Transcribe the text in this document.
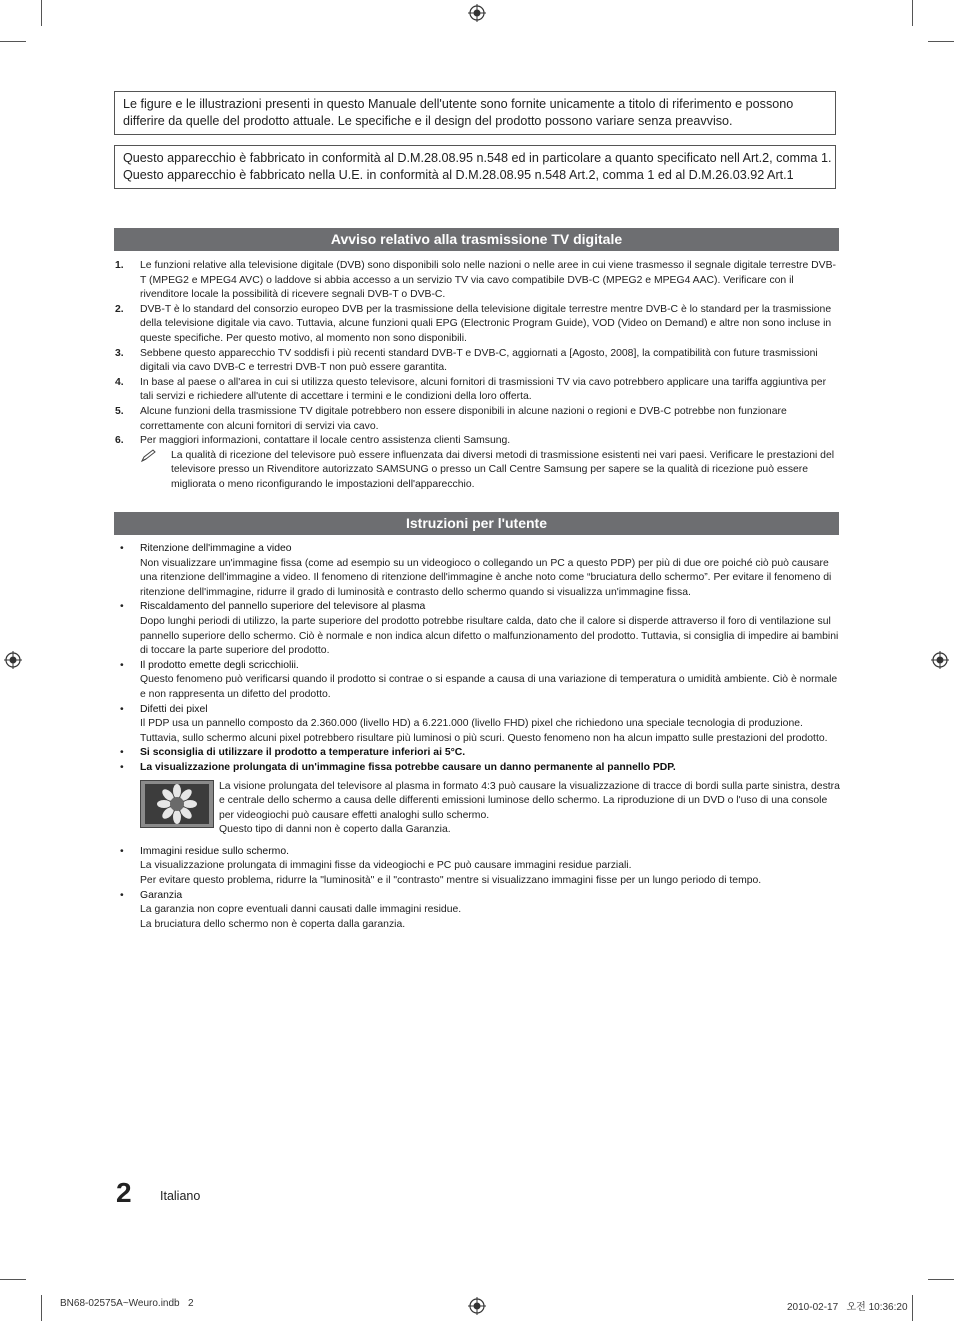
Le figure e le illustrazioni presenti in questo Manuale dell'utente sono fornite unicamente a titolo di riferimento e possono differire da quelle del prodotto attuale. Le specifiche e il design del prodotto possono variare senza preavviso.
Questo apparecchio è fabbricato in conformità al D.M.28.08.95 n.548 ed in particolare a quanto specificato nell Art.2, comma 1. Questo apparecchio è fabbricato nella U.E. in conformità al D.M.28.08.95 n.548 Art.2, comma 1 ed al D.M.26.03.92 Art.1
Avviso relativo alla trasmissione TV digitale
1.	Le funzioni relative alla televisione digitale (DVB) sono disponibili solo nelle nazioni o nelle aree in cui viene trasmesso il segnale digitale terrestre DVB-T (MPEG2 e MPEG4 AVC) o laddove si abbia accesso a un servizio TV via cavo compatibile DVB-C (MPEG2 e MPEG4 AAC). Verificare con il rivenditore locale la possibilità di ricevere segnali DVB-T o DVB-C.
2.	DVB-T è lo standard del consorzio europeo DVB per la trasmissione della televisione digitale terrestre mentre DVB-C è lo standard per la trasmissione della televisione digitale via cavo. Tuttavia, alcune funzioni quali EPG (Electronic Program Guide), VOD (Video on Demand) e altre non sono incluse in queste specifiche. Per questo motivo, al momento non sono disponibili.
3.	Sebbene questo apparecchio TV soddisfi i più recenti standard DVB-T e DVB-C, aggiornati a [Agosto, 2008], la compatibilità con future trasmissioni digitali via cavo DVB-C e terrestri DVB-T non può essere garantita.
4.	In base al paese o all'area in cui si utilizza questo televisore, alcuni fornitori di trasmissioni TV via cavo potrebbero applicare una tariffa aggiuntiva per tali servizi e richiedere all'utente di accettare i termini e le condizioni della loro offerta.
5.	Alcune funzioni della trasmissione TV digitale potrebbero non essere disponibili in alcune nazioni o regioni e DVB-C potrebbe non funzionare correttamente con alcuni fornitori di servizi via cavo.
6.	Per maggiori informazioni, contattare il locale centro assistenza clienti Samsung.
La qualità di ricezione del televisore può essere influenzata dai diversi metodi di trasmissione esistenti nei vari paesi. Verificare le prestazioni del televisore presso un Rivenditore autorizzato SAMSUNG o presso un Call Centre Samsung per sapere se la qualità di ricezione può essere migliorata o meno riconfigurando le impostazioni dell'apparecchio.
Istruzioni per l'utente
•	Ritenzione dell'immagine a video
Non visualizzare un'immagine fissa (come ad esempio su un videogioco o collegando un PC a questo PDP) per più di due ore poiché ciò può causare una ritenzione dell'immagine a video. Il fenomeno di ritenzione dell'immagine è anche noto come “bruciatura dello schermo”. Per evitare il fenomeno di ritenzione dell'immagine, ridurre il grado di luminosità e contrasto dello schermo quando si visualizza un'immagine fissa.
•	Riscaldamento del pannello superiore del televisore al plasma
Dopo lunghi periodi di utilizzo, la parte superiore del prodotto potrebbe risultare calda, dato che il calore si disperde attraverso il foro di ventilazione sul pannello superiore dello schermo. Ciò è normale e non indica alcun difetto o malfunzionamento del prodotto. Tuttavia, si consiglia di impedire ai bambini di toccare la parte superiore del prodotto.
•	Il prodotto emette degli scricchiolii.
Questo fenomeno può verificarsi quando il prodotto si contrae o si espande a causa di una variazione di temperatura o umidità ambiente. Ciò è normale e non rappresenta un difetto del prodotto.
•	Difetti dei pixel
Il PDP usa un pannello composto da 2.360.000 (livello HD) a 6.221.000 (livello FHD) pixel che richiedono una speciale tecnologia di produzione. Tuttavia, sullo schermo alcuni pixel potrebbero risultare più luminosi o più scuri. Questo fenomeno non ha alcun impatto sulle prestazioni del prodotto.
•	Si sconsiglia di utilizzare il prodotto a temperature inferiori ai 5°C.
•	La visualizzazione prolungata di un'immagine fissa potrebbe causare un danno permanente al pannello PDP.
La visione prolungata del televisore al plasma in formato 4:3 può causare la visualizzazione di tracce di bordi sulla parte sinistra, destra e centrale dello schermo a causa delle differenti emissioni luminose dello schermo. La riproduzione di un DVD o l'uso di una console per videogiochi può causare effetti analoghi sullo schermo.
Questo tipo di danni non è coperto dalla Garanzia.
•	Immagini residue sullo schermo.
La visualizzazione prolungata di immagini fisse da videogiochi e PC può causare immagini residue parziali.
Per evitare questo problema, ridurre la "luminosità" e il "contrasto" mentre si visualizzano immagini fisse per un lungo periodo di tempo.
•	Garanzia
La garanzia non copre eventuali danni causati dalle immagini residue.
La bruciatura dello schermo non è coperta dalla garanzia.
2 Italiano
BN68-02575A~Weuro.indb   2	2010-02-17   오전 10:36:20
